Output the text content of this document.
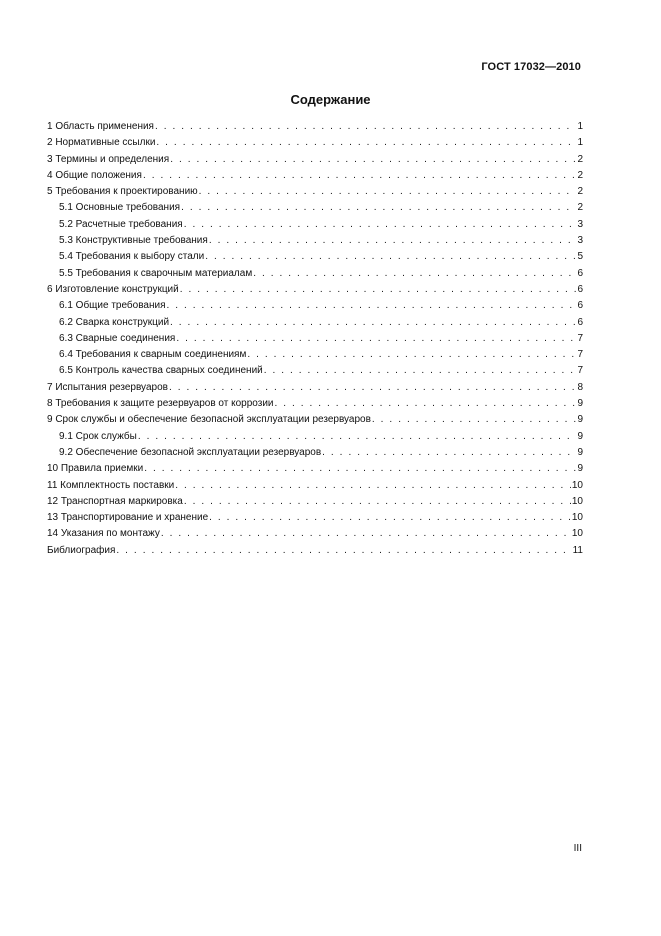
ГОСТ 17032—2010
Содержание
1 Область применения . . .	1
2 Нормативные ссылки . . .	1
3 Термины и определения . . .	2
4 Общие положения . . .	2
5 Требования к проектированию . . .	2
5.1 Основные требования . . .	2
5.2 Расчетные требования . . .	3
5.3 Конструктивные требования . . .	3
5.4 Требования к выбору стали . . .	5
5.5 Требования к сварочным материалам . . .	6
6 Изготовление конструкций . . .	6
6.1 Общие требования . . .	6
6.2 Сварка конструкций . . .	6
6.3 Сварные соединения . . .	7
6.4 Требования к сварным соединениям . . .	7
6.5 Контроль качества сварных соединений . . .	7
7 Испытания резервуаров . . .	8
8 Требования к защите резервуаров от коррозии . . .	9
9 Срок службы и обеспечение безопасной эксплуатации резервуаров . . .	9
9.1 Срок службы . . .	9
9.2 Обеспечение безопасной эксплуатации резервуаров . . .	9
10 Правила приемки . . .	9
11 Комплектность поставки . . .	10
12 Транспортная маркировка . . .	10
13 Транспортирование и хранение . . .	10
14 Указания по монтажу . . .	10
Библиография . . .	11
III
